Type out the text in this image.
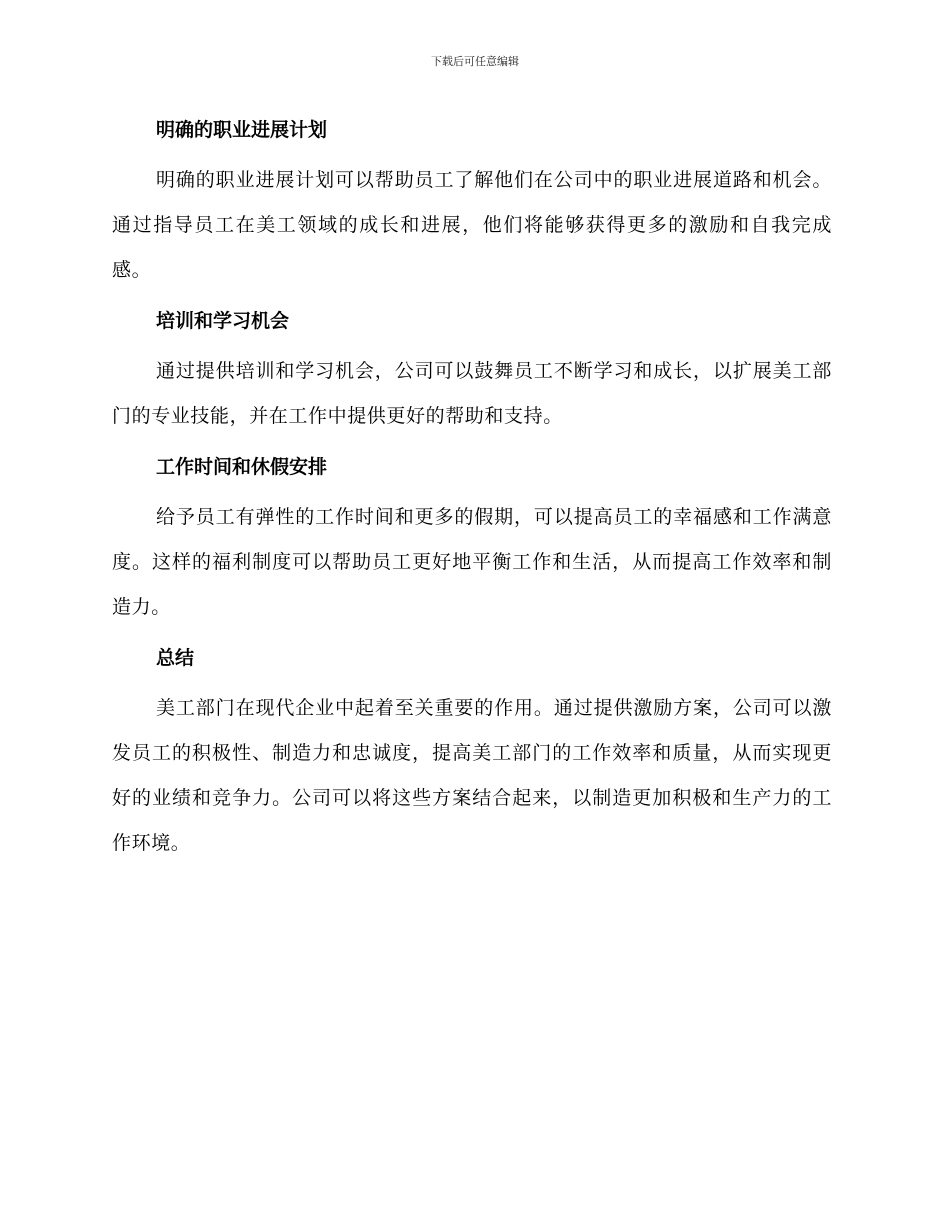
下载后可任意编辑
明确的职业进展计划

明确的职业进展计划可以帮助员工了解他们在公司中的职业进展道路和机会。通过指导员工在美工领域的成长和进展，他们将能够获得更多的激励和自我完成感。

培训和学习机会

通过提供培训和学习机会，公司可以鼓舞员工不断学习和成长，以扩展美工部门的专业技能，并在工作中提供更好的帮助和支持。

工作时间和休假安排

给予员工有弹性的工作时间和更多的假期，可以提高员工的幸福感和工作满意度。这样的福利制度可以帮助员工更好地平衡工作和生活，从而提高工作效率和制造力。

总结

美工部门在现代企业中起着至关重要的作用。通过提供激励方案，公司可以激发员工的积极性、制造力和忠诚度，提高美工部门的工作效率和质量，从而实现更好的业绩和竞争力。公司可以将这些方案结合起来，以制造更加积极和生产力的工作环境。
